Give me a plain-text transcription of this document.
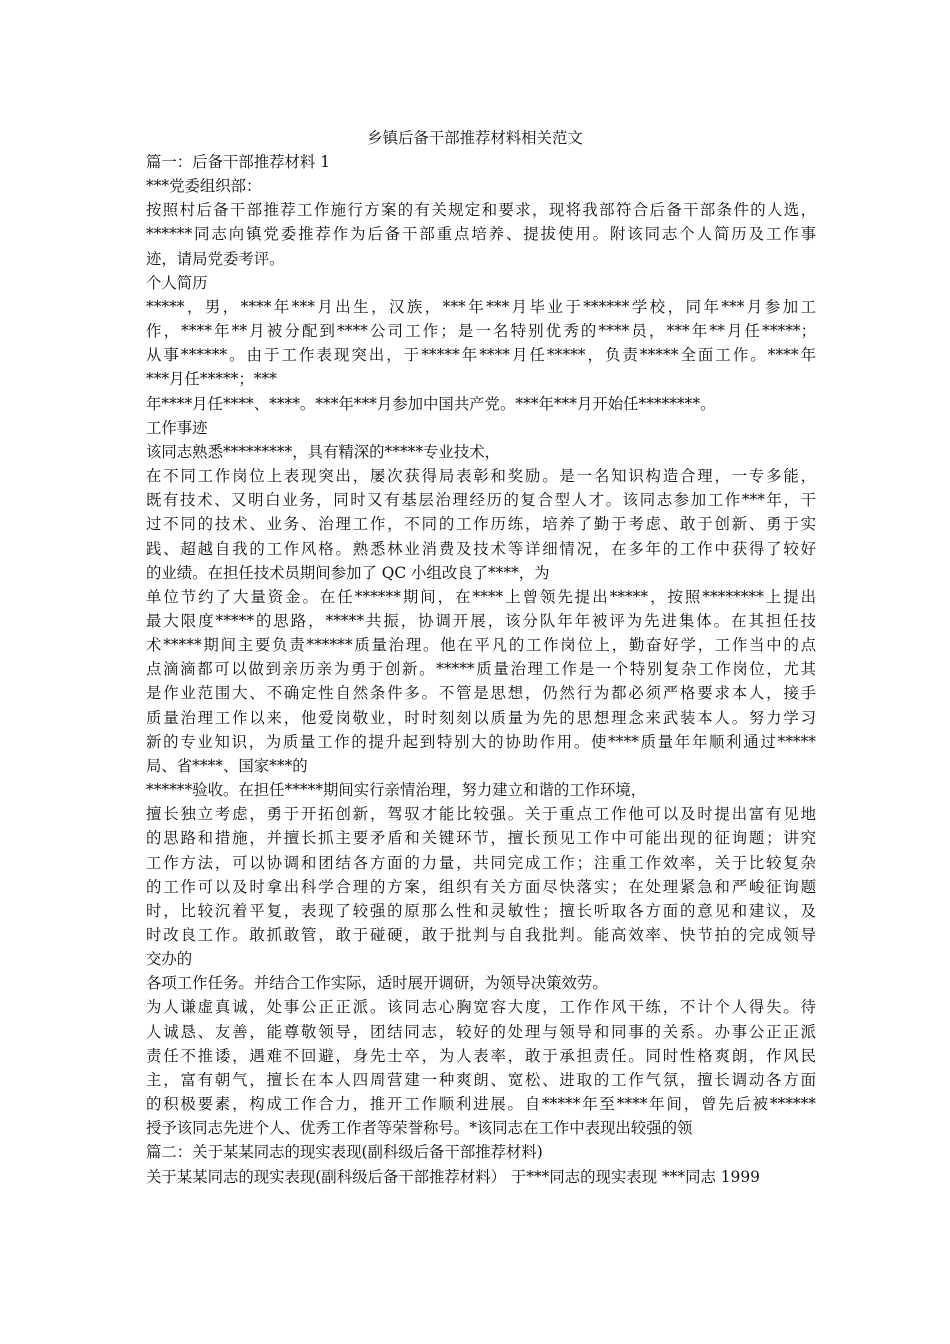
乡镇后备干部推荐材料相关范文
篇一：后备干部推荐材料 1
***党委组织部：
按照村后备干部推荐工作施行方案的有关规定和要求，现将我部符合后备干部条件的人选，
******同志向镇党委推荐作为后备干部重点培养、提拔使用。附该同志个人简历及工作事
迹，请局党委考评。
个人简历
*****，男，****年***月出生，汉族，***年***月毕业于******学校，同年***月参加工
作，****年**月被分配到****公司工作；是一名特别优秀的****员，***年**月任*****；
从事******。由于工作表现突出，于*****年****月任*****，负责*****全面工作。****年
***月任*****；***
年****月任****、****。***年***月参加中国共产党。***年***月开始任********。
工作事迹
该同志熟悉*********，具有精深的*****专业技术，
在不同工作岗位上表现突出，屡次获得局表彰和奖励。是一名知识构造合理，一专多能，
既有技术、又明白业务，同时又有基层治理经历的复合型人才。该同志参加工作***年，干
过不同的技术、业务、治理工作，不同的工作历练，培养了勤于考虑、敢于创新、勇于实
践、超越自我的工作风格。熟悉林业消费及技术等详细情况，在多年的工作中获得了较好
的业绩。在担任技术员期间参加了 QC 小组改良了****，为
单位节约了大量资金。在任******期间，在****上曾领先提出*****，按照********上提出
最大限度*****的思路，*****共振，协调开展，该分队年年被评为先进集体。在其担任技
术*****期间主要负责******质量治理。他在平凡的工作岗位上，勤奋好学，工作当中的点
点滴滴都可以做到亲历亲为勇于创新。*****质量治理工作是一个特别复杂工作岗位，尤其
是作业范围大、不确定性自然条件多。不管是思想，仍然行为都必须严格要求本人，接手
质量治理工作以来，他爱岗敬业，时时刻刻以质量为先的思想理念来武装本人。努力学习
新的专业知识，为质量工作的提升起到特别大的协助作用。使****质量年年顺利通过*****
局、省****、国家***的
******验收。在担任*****期间实行亲情治理，努力建立和谐的工作环境，
擅长独立考虑，勇于开拓创新，驾驭才能比较强。关于重点工作他可以及时提出富有见地
的思路和措施，并擅长抓主要矛盾和关键环节，擅长预见工作中可能出现的征询题；讲究
工作方法，可以协调和团结各方面的力量，共同完成工作；注重工作效率，关于比较复杂
的工作可以及时拿出科学合理的方案，组织有关方面尽快落实；在处理紧急和严峻征询题
时，比较沉着平复，表现了较强的原那么性和灵敏性；擅长听取各方面的意见和建议，及
时改良工作。敢抓敢管，敢于碰硬，敢于批判与自我批判。能高效率、快节拍的完成领导
交办的
各项工作任务。并结合工作实际，适时展开调研，为领导决策效劳。
为人谦虚真诚，处事公正正派。该同志心胸宽容大度，工作作风干练，不计个人得失。待
人诚恳、友善，能尊敬领导，团结同志，较好的处理与领导和同事的关系。办事公正正派
责任不推诿，遇难不回避，身先士卒，为人表率，敢于承担责任。同时性格爽朗，作风民
主，富有朝气，擅长在本人四周营建一种爽朗、宽松、进取的工作气氛，擅长调动各方面
的积极要素，构成工作合力，推开工作顺利进展。自*****年至****年间，曾先后被******
授予该同志先进个人、优秀工作者等荣誉称号。*该同志在工作中表现出较强的领
篇二：关于某某同志的现实表现(副科级后备干部推荐材料)
关于某某同志的现实表现(副科级后备干部推荐材料） 于***同志的现实表现 ***同志 1999
